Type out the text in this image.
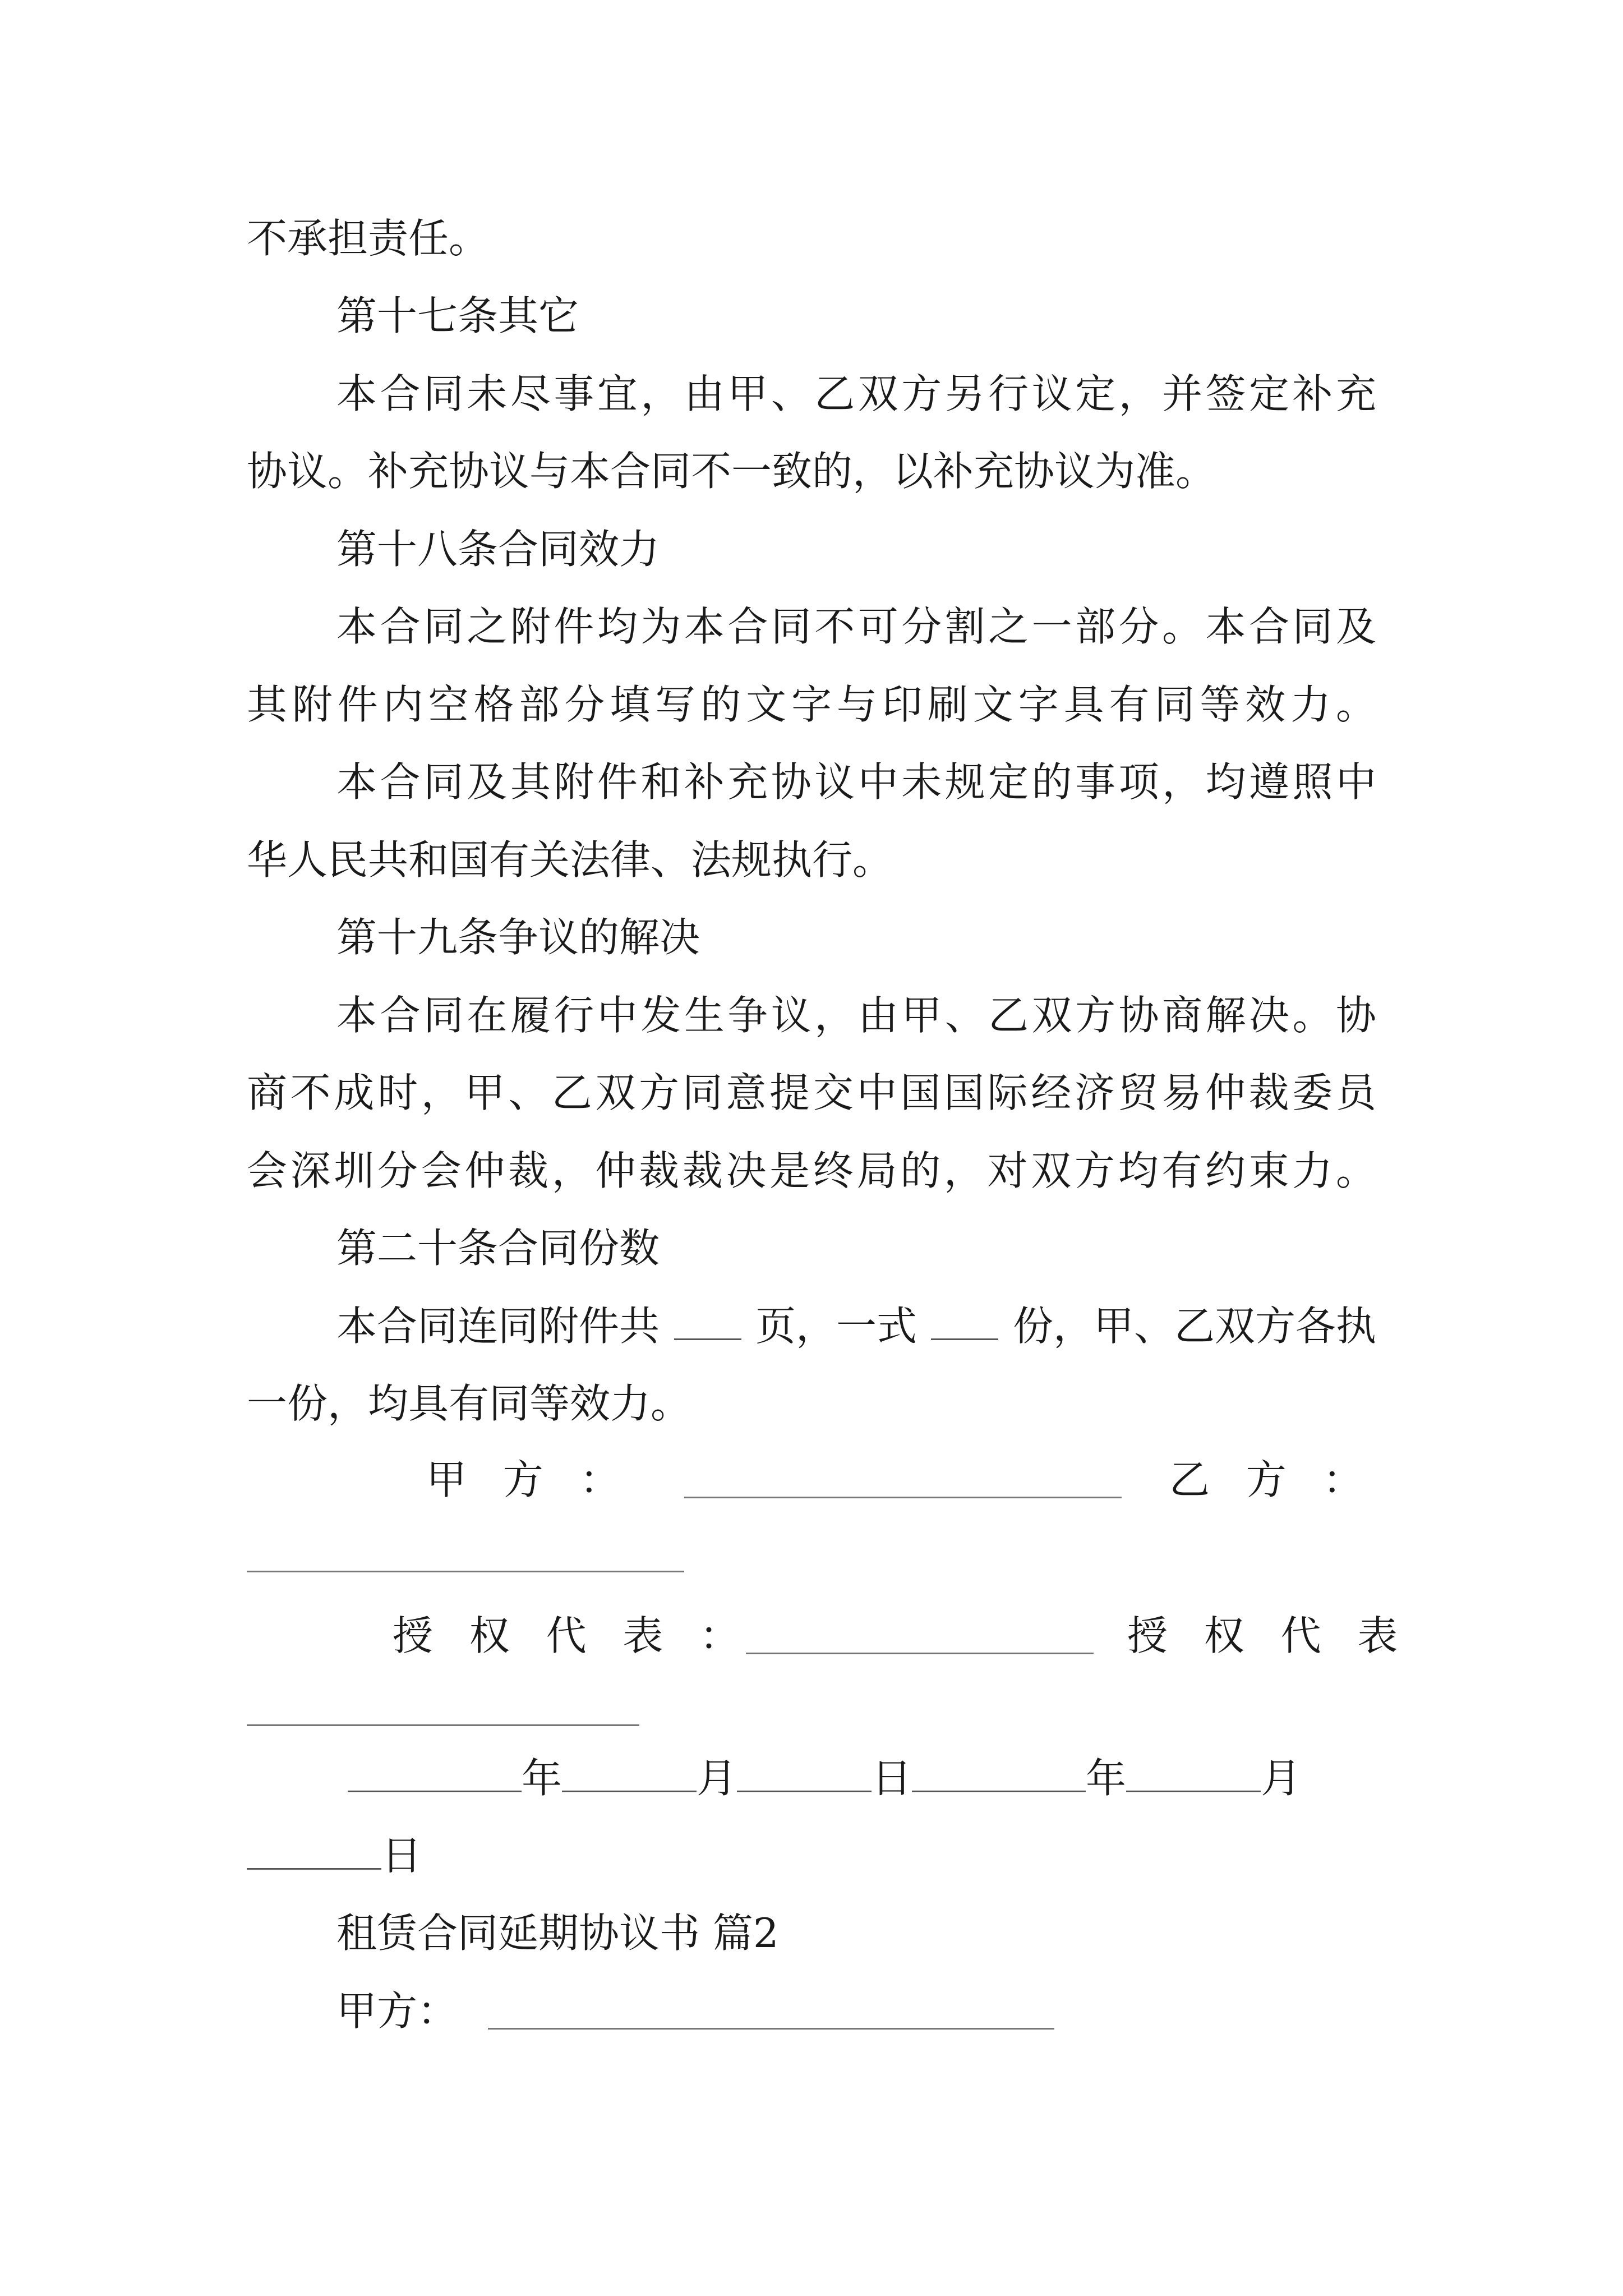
不承担责任。
第十七条其它
本合同未尽事宜，由甲、乙双方另行议定，并签定补充
协议。补充协议与本合同不一致的，以补充协议为准。
第十八条合同效力
本合同之附件均为本合同不可分割之一部分。本合同及
其附件内空格部分填写的文字与印刷文字具有同等效力。
本合同及其附件和补充协议中未规定的事项，均遵照中
华人民共和国有关法律、法规执行。
第十九条争议的解决
本合同在履行中发生争议，由甲、乙双方协商解决。协
商不成时，甲、乙双方同意提交中国国际经济贸易仲裁委员
会深圳分会仲裁，仲裁裁决是终局的，对双方均有约束力。
第二十条合同份数
本合同连同附件共 页，一式 份，甲、乙双方各执
一份，均具有同等效力。
甲方：	乙方：
授权代表：	授权代表
年	月	日	年	月
日
租赁合同延期协议书 篇2
甲方：
